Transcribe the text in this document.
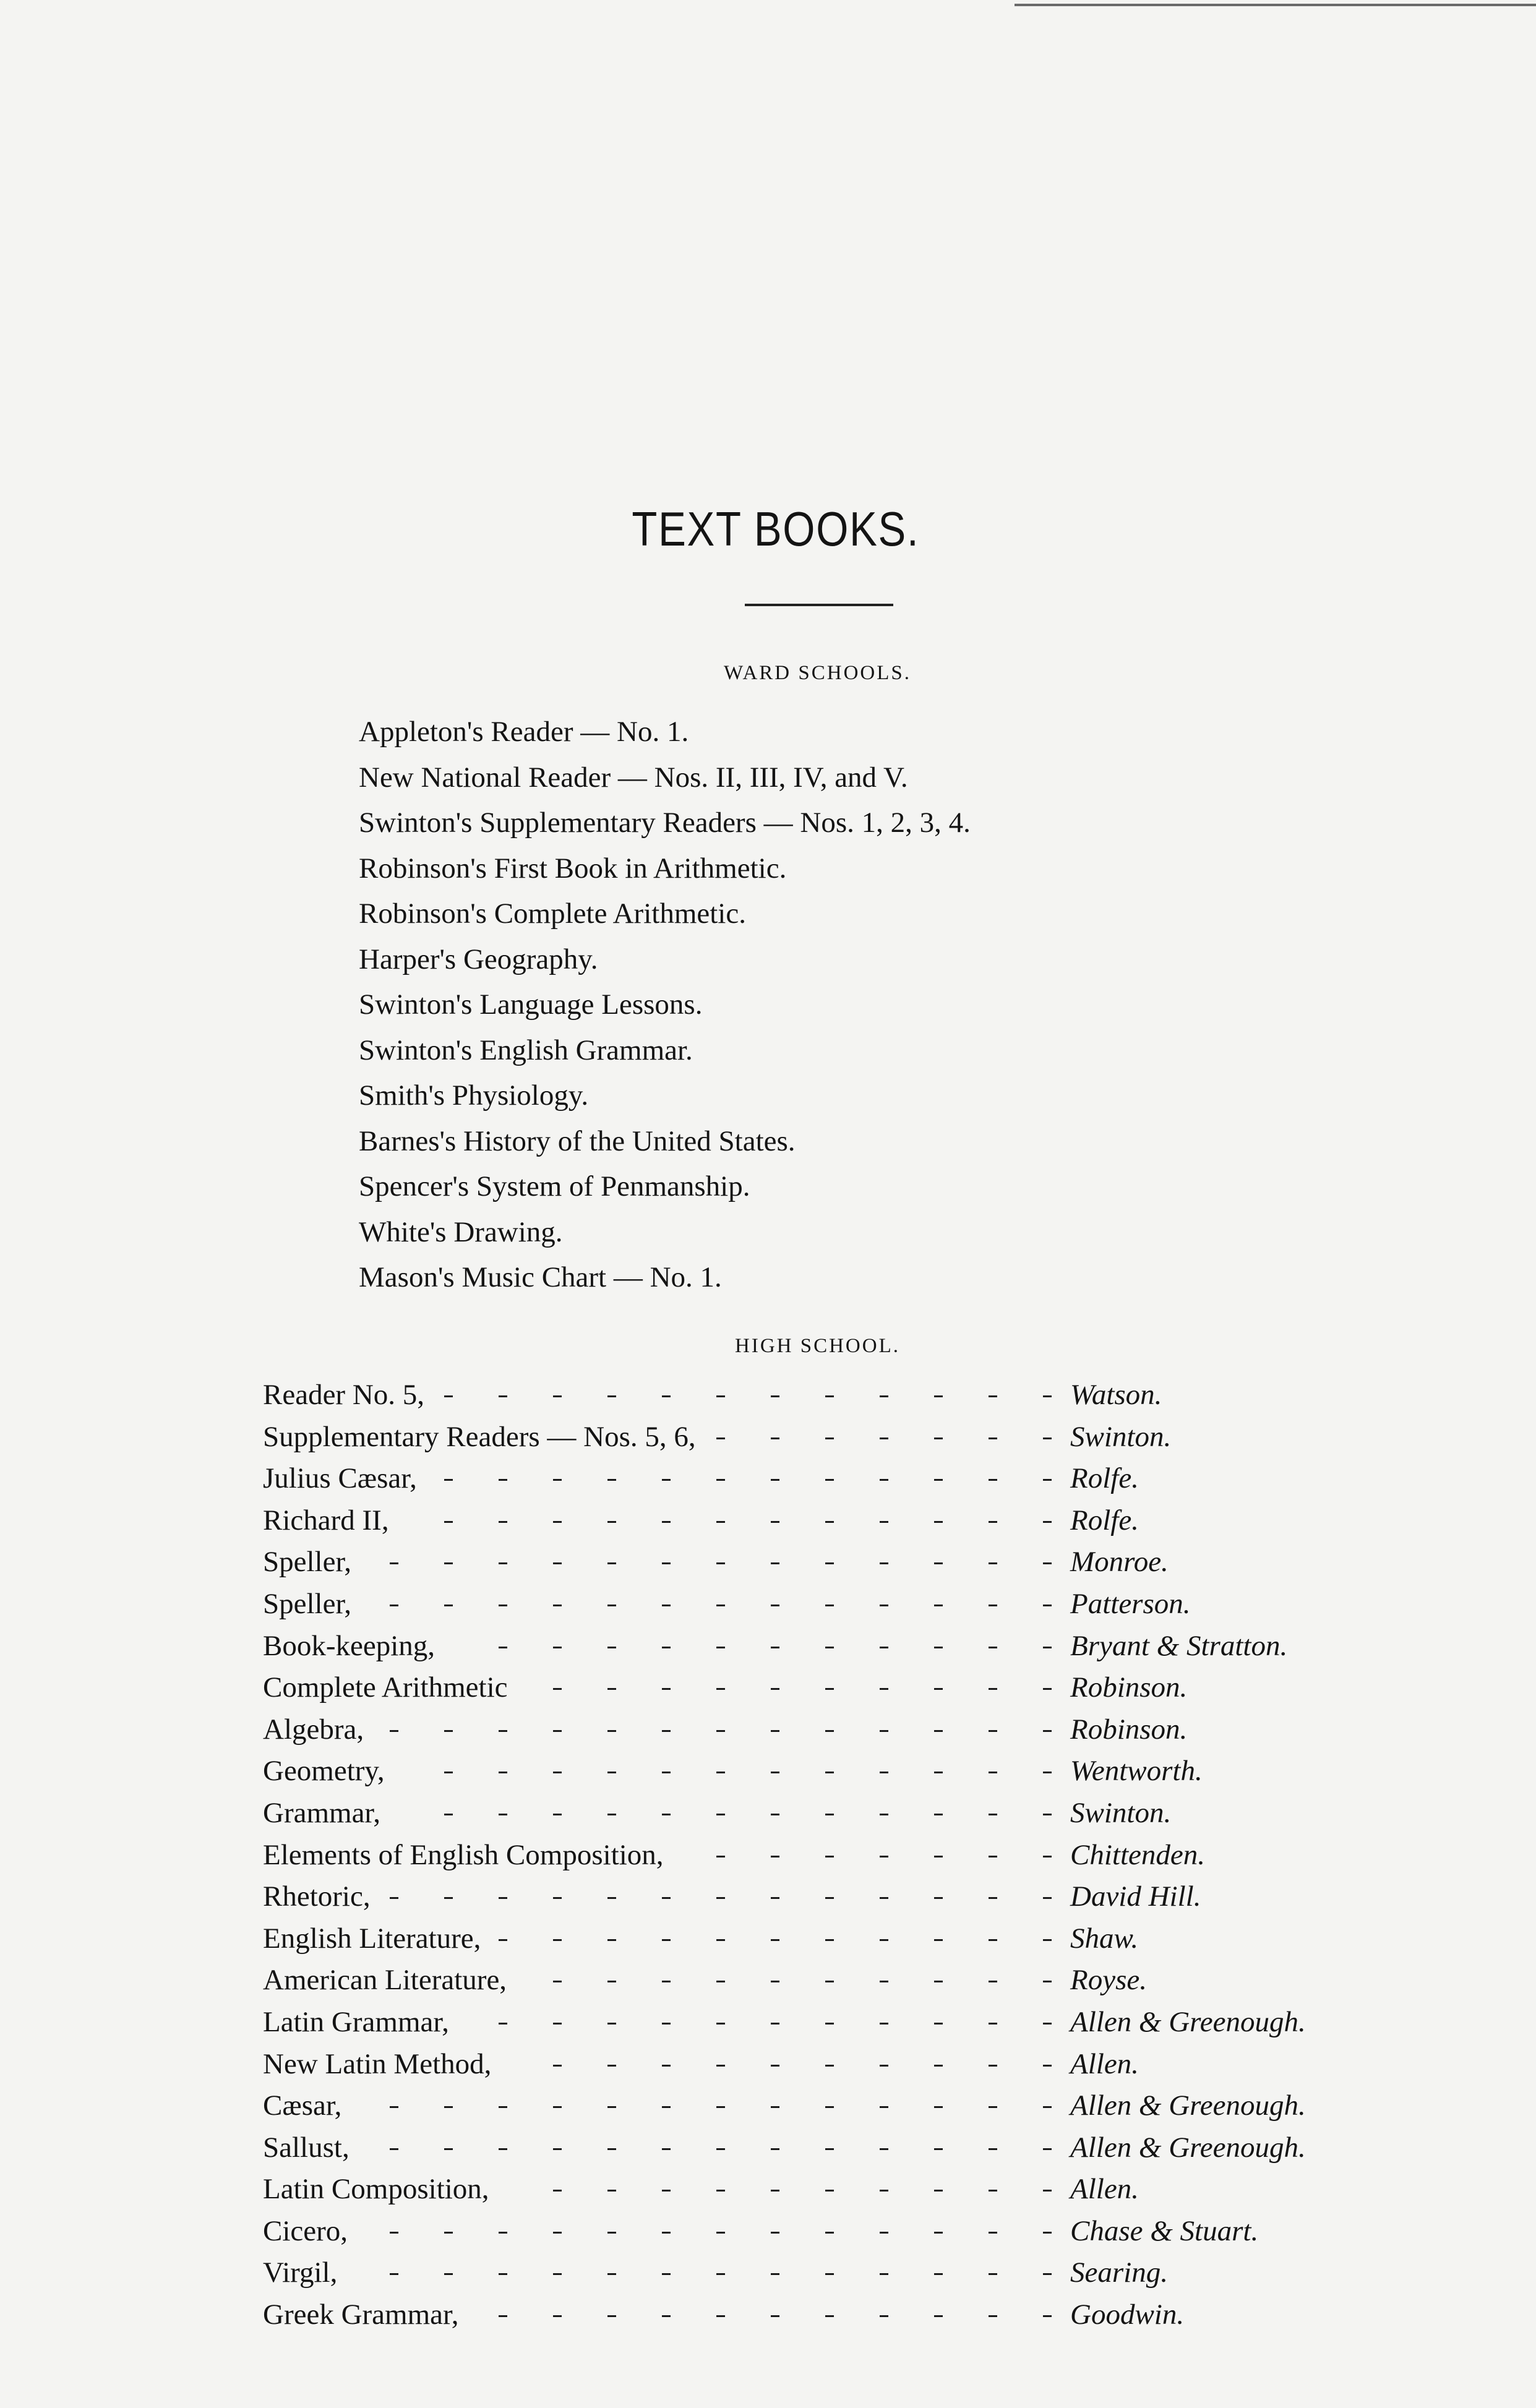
TEXT BOOKS.
WARD SCHOOLS.
Appleton's Reader — No. 1.
New National Reader — Nos. II, III, IV, and V.
Swinton's Supplementary Readers — Nos. 1, 2, 3, 4.
Robinson's First Book in Arithmetic.
Robinson's Complete Arithmetic.
Harper's Geography.
Swinton's Language Lessons.
Swinton's English Grammar.
Smith's Physiology.
Barnes's History of the United States.
Spencer's System of Penmanship.
White's Drawing.
Mason's Music Chart — No. 1.
HIGH SCHOOL.
Reader No. 5,	Watson.
Supplementary Readers — Nos. 5, 6,	Swinton.
Julius Cæsar,	Rolfe.
Richard II,	Rolfe.
Speller,	Monroe.
Speller,	Patterson.
Book-keeping,	Bryant & Stratton.
Complete Arithmetic	Robinson.
Algebra,	Robinson.
Geometry,	Wentworth.
Grammar,	Swinton.
Elements of English Composition,	Chittenden.
Rhetoric,	David Hill.
English Literature,	Shaw.
American Literature,	Royse.
Latin Grammar,	Allen & Greenough.
New Latin Method,	Allen.
Cæsar,	Allen & Greenough.
Sallust,	Allen & Greenough.
Latin Composition,	Allen.
Cicero,	Chase & Stuart.
Virgil,	Searing.
Greek Grammar,	Goodwin.
